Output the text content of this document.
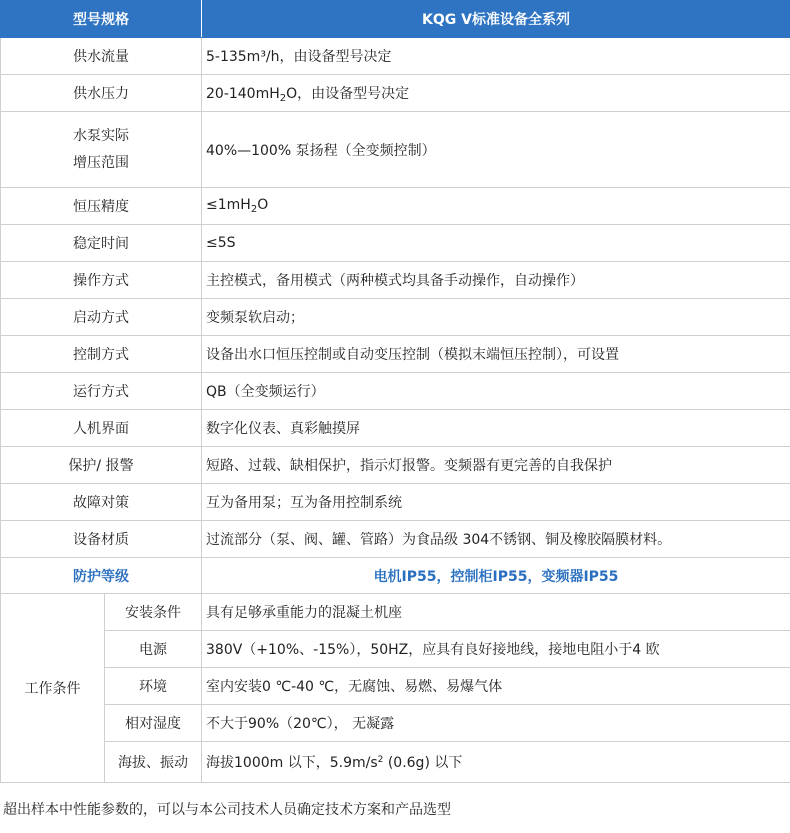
型号规格		KQG V标准设备全系列
供水流量		5-135m³/h，由设备型号决定
供水压力		$20-140mH_2O$，由设备型号决定
水泵实际
增压范围		40%—100% 泵扬程（全变频控制）
恒压精度		$\le 1mH_2O$
稳定时间		≤5S
操作方式		主控模式，备用模式（两种模式均具备手动操作，自动操作）
启动方式		变频泵软启动；
控制方式		设备出水口恒压控制或自动变压控制（模拟末端恒压控制），可设置
运行方式		QB（全变频运行）
人机界面		数字化仪表、真彩触摸屏
保护/ 报警		短路、过载、缺相保护，指示灯报警。变频器有更完善的自我保护
故障对策		互为备用泵；互为备用控制系统
设备材质		过流部分（泵、阀、罐、管路）为食品级 304不锈钢、铜及橡胶隔膜材料。
防护等级		电机IP55，控制柜IP55，变频器IP55
工作条件	安装条件	具有足够承重能力的混凝土机座
	电源	380V（+10%、-15%），50HZ，应具有良好接地线，接地电阻小于4 欧
	环境	室内安装0 ℃-40 ℃，无腐蚀、易燃、易爆气体
	相对湿度	不大于90%（20℃）， 无凝露
	海拔、振动	海拔1000m 以下，$5.9m/s^2$ (0.6g) 以下
超出样本中性能参数的，可以与本公司技术人员确定技术方案和产品选型
